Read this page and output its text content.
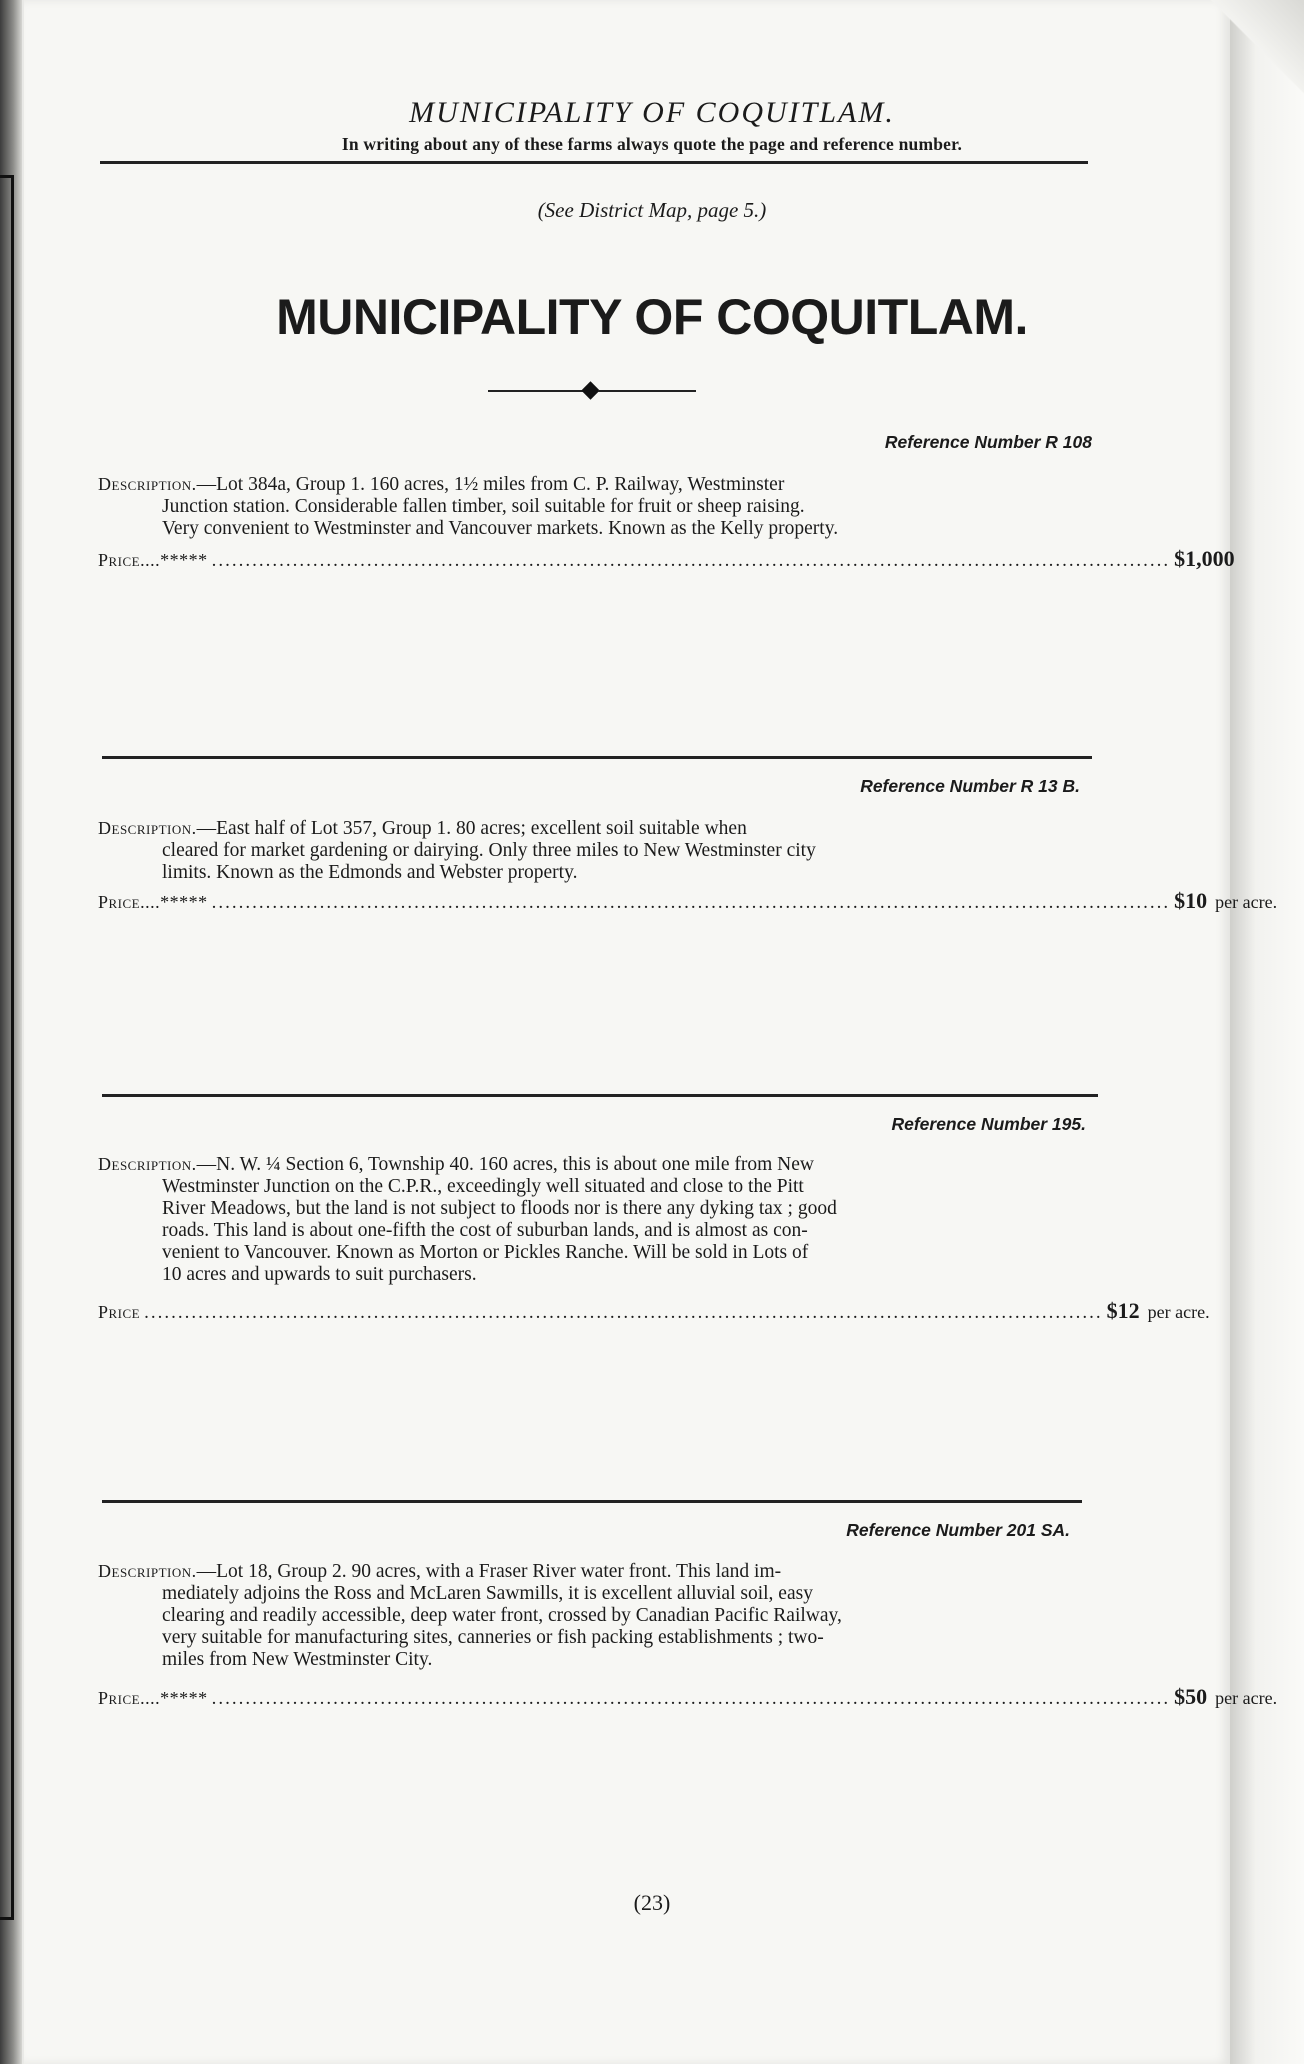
MUNICIPALITY OF COQUITLAM.
In writing about any of these farms always quote the page and reference number.
(See District Map, page 5.)
MUNICIPALITY OF COQUITLAM.
Reference Number R 108
Description.—Lot 384a, Group 1. 160 acres, 1½ miles from C. P. Railway, Westminster
Junction station. Considerable fallen timber, soil suitable for fruit or sheep raising.
Very convenient to Westminster and Vancouver markets. Known as the Kelly property.
Price....***** .............................................................................................................................................. $1,000
Reference Number R 13 B.
Description.—East half of Lot 357, Group 1. 80 acres; excellent soil suitable when
cleared for market gardening or dairying. Only three miles to New Westminster city
limits. Known as the Edmonds and Webster property.
Price....***** .............................................................................................................................................. $10 per acre.
Reference Number 195.
Description.—N. W. ¼ Section 6, Township 40. 160 acres, this is about one mile from New
Westminster Junction on the C.P.R., exceedingly well situated and close to the Pitt
River Meadows, but the land is not subject to floods nor is there any dyking tax ; good
roads. This land is about one-fifth the cost of suburban lands, and is almost as con-
venient to Vancouver. Known as Morton or Pickles Ranche. Will be sold in Lots of
10 acres and upwards to suit purchasers.
Price .............................................................................................................................................. $12 per acre.
Reference Number 201 SA.
Description.—Lot 18, Group 2. 90 acres, with a Fraser River water front. This land im-
mediately adjoins the Ross and McLaren Sawmills, it is excellent alluvial soil, easy
clearing and readily accessible, deep water front, crossed by Canadian Pacific Railway,
very suitable for manufacturing sites, canneries or fish packing establishments ; two-
miles from New Westminster City.
Price....***** .............................................................................................................................................. $50 per acre.
(23)
